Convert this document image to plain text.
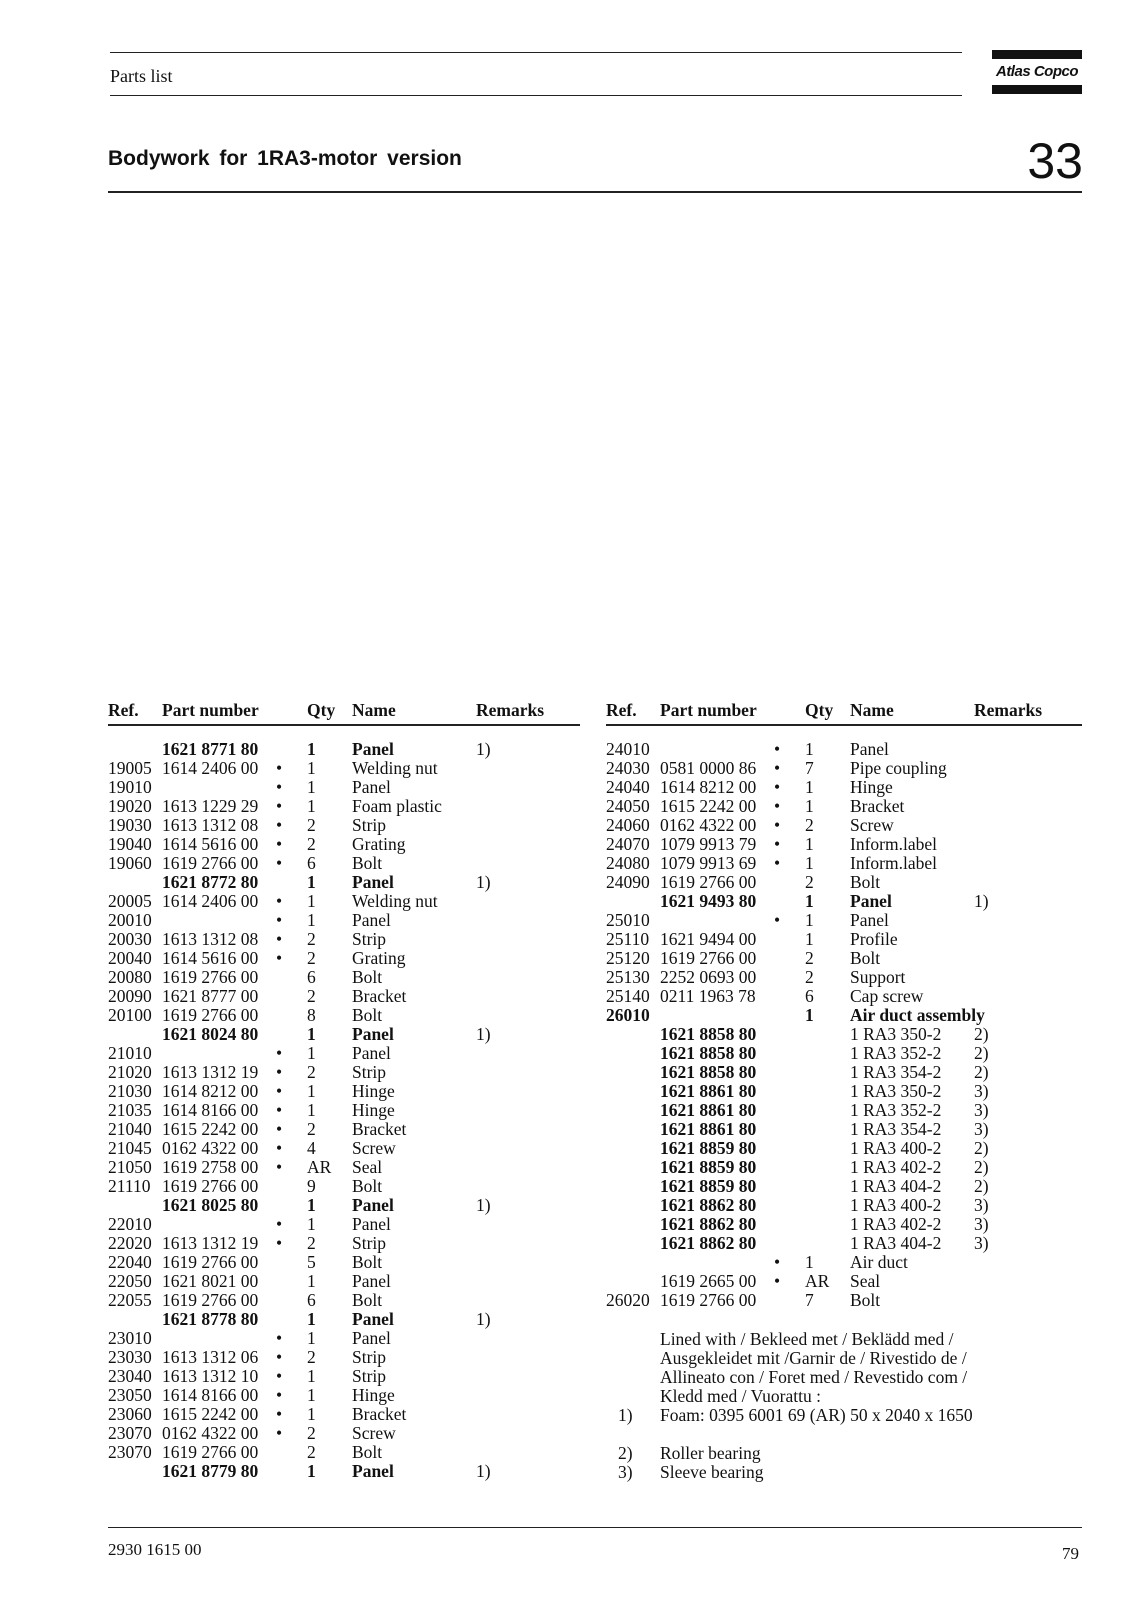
Parts list	Atlas Copco
Bodywork for 1RA3-motor version	33
Ref. Part number	Qty Name	Remarks
1621 8771 80	1 Panel	1)
19005 1614 2406 00 • 1 Welding nut
19010	• 1 Panel
19020 1613 1229 29 • 1 Foam plastic
19030 1613 1312 08 • 2 Strip
19040 1614 5616 00 • 2 Grating
19060 1619 2766 00 • 6 Bolt
1621 8772 80	1 Panel	1)
20005 1614 2406 00 • 1 Welding nut
20010	• 1 Panel
20030 1613 1312 08 • 2 Strip
20040 1614 5616 00 • 2 Grating
20080 1619 2766 00	6 Bolt
20090 1621 8777 00	2 Bracket
20100 1619 2766 00	8 Bolt
1621 8024 80	1 Panel	1)
21010	• 1 Panel
21020 1613 1312 19 • 2 Strip
21030 1614 8212 00 • 1 Hinge
21035 1614 8166 00 • 1 Hinge
21040 1615 2242 00 • 2 Bracket
21045 0162 4322 00 • 4 Screw
21050 1619 2758 00 • AR Seal
21110 1619 2766 00	9 Bolt
1621 8025 80	1 Panel	1)
22010	• 1 Panel
22020 1613 1312 19 • 2 Strip
22040 1619 2766 00	5 Bolt
22050 1621 8021 00	1 Panel
22055 1619 2766 00	6 Bolt
1621 8778 80	1 Panel	1)
23010	• 1 Panel
23030 1613 1312 06 • 2 Strip
23040 1613 1312 10 • 1 Strip
23050 1614 8166 00 • 1 Hinge
23060 1615 2242 00 • 1 Bracket
23070 0162 4322 00 • 2 Screw
23070 1619 2766 00	2 Bolt
1621 8779 80	1 Panel	1)
Ref. Part number	Qty Name	Remarks
24010	• 1 Panel
24030 0581 0000 86 • 7 Pipe coupling
24040 1614 8212 00 • 1 Hinge
24050 1615 2242 00 • 1 Bracket
24060 0162 4322 00 • 2 Screw
24070 1079 9913 79 • 1 Inform.label
24080 1079 9913 69 • 1 Inform.label
24090 1619 2766 00	2 Bolt
1621 9493 80	1 Panel	1)
25010	• 1 Panel
25110 1621 9494 00	1 Profile
25120 1619 2766 00	2 Bolt
25130 2252 0693 00	2 Support
25140 0211 1963 78	6 Cap screw
26010	1 Air duct assembly
1621 8858 80	1 RA3 350-2 2)
1621 8858 80	1 RA3 352-2 2)
1621 8858 80	1 RA3 354-2 2)
1621 8861 80	1 RA3 350-2 3)
1621 8861 80	1 RA3 352-2 3)
1621 8861 80	1 RA3 354-2 3)
1621 8859 80	1 RA3 400-2 2)
1621 8859 80	1 RA3 402-2 2)
1621 8859 80	1 RA3 404-2 2)
1621 8862 80	1 RA3 400-2 3)
1621 8862 80	1 RA3 402-2 3)
1621 8862 80	1 RA3 404-2 3)
• 1 Air duct
1619 2665 00 • AR Seal
26020 1619 2766 00	7 Bolt
Lined with / Bekleed met / Beklädd med /
Ausgekleidet mit /Garnir de / Rivestido de /
Allineato con / Foret med / Revestido com /
Kledd med / Vuorattu :
1) Foam: 0395 6001 69 (AR) 50 x 2040 x 1650
2) Roller bearing
3) Sleeve bearing
2930 1615 00	79
